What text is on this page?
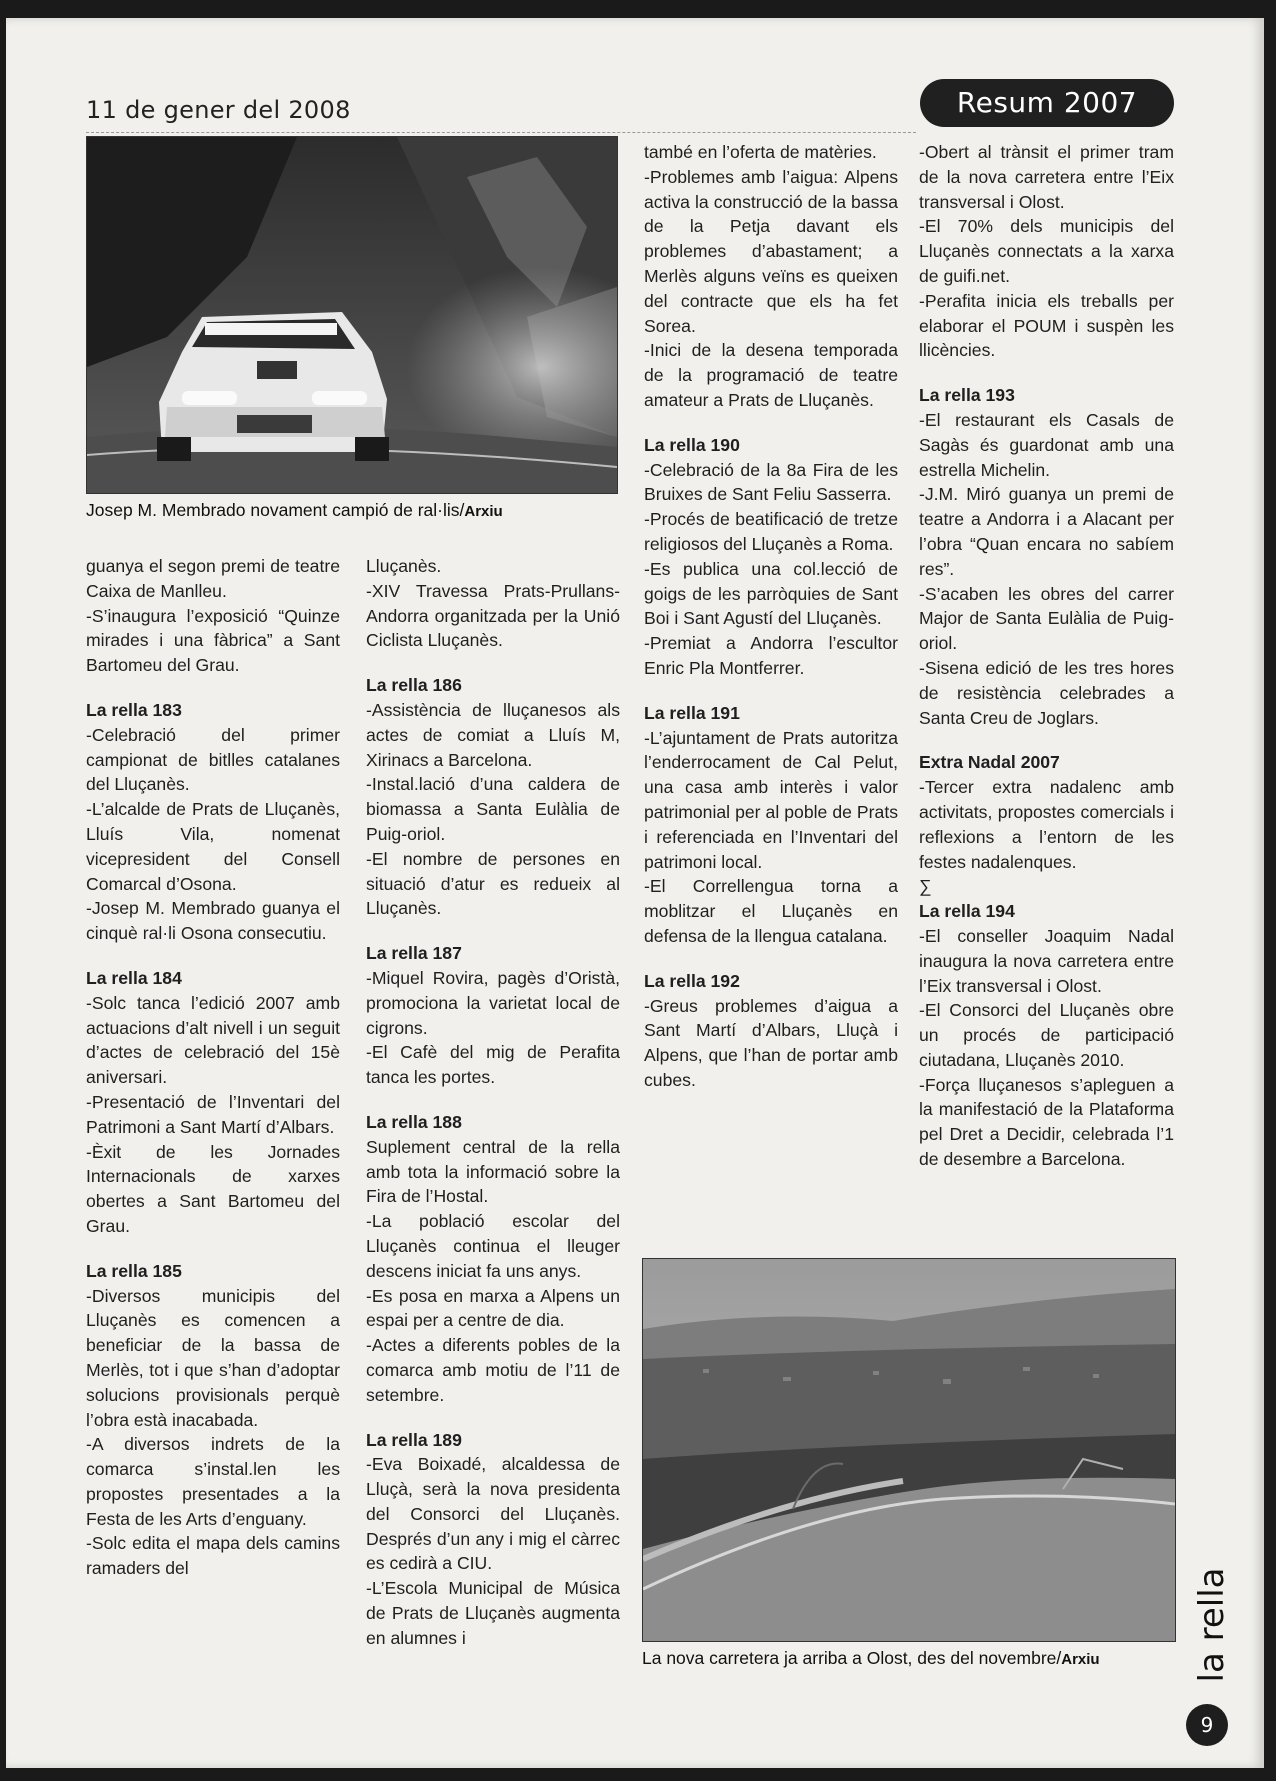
11 de gener del 2008	Resum 2007
Josep M. Membrado novament campió de ral·lis/Arxiu

guanya el segon premi de teatre Caixa de Manlleu.

-S’inaugura l’exposició “Quinze mirades i una fàbrica” a Sant Bartomeu del Grau.

La rella 183

-Celebració del primer campionat de bitlles catalanes del Lluçanès.

-L’alcalde de Prats de Lluçanès, Lluís Vila, nomenat vicepresident del Consell Comarcal d’Osona.

-Josep M. Membrado guanya el cinquè ral·li Osona consecutiu.

La rella 184

-Solc tanca l’edició 2007 amb actuacions d’alt nivell i un seguit d’actes de celebració del 15è aniversari.

-Presentació de l’Inventari del Patrimoni a Sant Martí d’Albars.

-Èxit de les Jornades Internacionals de xarxes obertes a Sant Bartomeu del Grau.

La rella 185

-Diversos municipis del Lluçanès es comencen a beneficiar de la bassa de Merlès, tot i que s’han d’adoptar solucions provisionals perquè l’obra està inacabada.

-A diversos indrets de la comarca s’instal.len les propostes presentades a la Festa de les Arts d’enguany.

-Solc edita el mapa dels camins ramaders del

Lluçanès.

-XIV Travessa Prats-Prullans-Andorra organitzada per la Unió Ciclista Lluçanès.

La rella 186

-Assistència de lluçanesos als actes de comiat a Lluís M, Xirinacs a Barcelona.

-Instal.lació d’una caldera de biomassa a Santa Eulàlia de Puig-oriol.

-El nombre de persones en situació d’atur es redueix al Lluçanès.

La rella 187

-Miquel Rovira, pagès d’Oristà, promociona la varietat local de cigrons.

-El Cafè del mig de Perafita tanca les portes.

La rella 188

Suplement central de la rella amb tota la informació sobre la Fira de l’Hostal.

-La població escolar del Lluçanès continua el lleuger descens iniciat fa uns anys.

-Es posa en marxa a Alpens un espai per a centre de dia.

-Actes a diferents pobles de la comarca amb motiu de l’11 de setembre.

La rella 189

-Eva Boixadé, alcaldessa de Lluçà, serà la nova presidenta del Consorci del Lluçanès. Després d’un any i mig el càrrec es cedirà a CIU.

-L’Escola Municipal de Música de Prats de Lluçanès augmenta en alumnes i

també en l’oferta de matèries.

-Problemes amb l’aigua: Alpens activa la construcció de la bassa de la Petja davant els problemes d’abastament; a Merlès alguns veïns es queixen del contracte que els ha fet Sorea.

-Inici de la desena temporada de la programació de teatre amateur a Prats de Lluçanès.

La rella 190

-Celebració de la 8a Fira de les Bruixes de Sant Feliu Sasserra.

-Procés de beatificació de tretze religiosos del Lluçanès a Roma.

-Es publica una col.lecció de goigs de les parròquies de Sant Boi i Sant Agustí del Lluçanès.

-Premiat a Andorra l’escultor Enric Pla Montferrer.

La rella 191

-L’ajuntament de Prats autoritza l’enderrocament de Cal Pelut, una casa amb interès i valor patrimonial per al poble de Prats i referenciada en l’Inventari del patrimoni local.

-El Correllengua torna a moblitzar el Lluçanès en defensa de la llengua catalana.

La rella 192

-Greus problemes d’aigua a Sant Martí d’Albars, Lluçà i Alpens, que l’han de portar amb cubes.

-Obert al trànsit el primer tram de la nova carretera entre l’Eix transversal i Olost.

-El 70% dels municipis del Lluçanès connectats a la xarxa de guifi.net.

-Perafita inicia els treballs per elaborar el POUM i suspèn les llicències.

La rella 193

-El restaurant els Casals de Sagàs és guardonat amb una estrella Michelin.

-J.M. Miró guanya un premi de teatre a Andorra i a Alacant per l’obra “Quan encara no sabíem res”.

-S’acaben les obres del carrer Major de Santa Eulàlia de Puig-oriol.

-Sisena edició de les tres hores de resistència celebrades a Santa Creu de Joglars.

Extra Nadal 2007

-Tercer extra nadalenc amb activitats, propostes comercials i reflexions a l’entorn de les festes nadalenques.

∑

La rella 194

-El conseller Joaquim Nadal inaugura la nova carretera entre l’Eix transversal i Olost.

-El Consorci del Lluçanès obre un procés de participació ciutadana, Lluçanès 2010.

-Força lluçanesos s’apleguen a la manifestació de la Plataforma pel Dret a Decidir, celebrada l’1 de desembre a Barcelona.

La nova carretera ja arriba a Olost, des del novembre/Arxiu	la rella
9
